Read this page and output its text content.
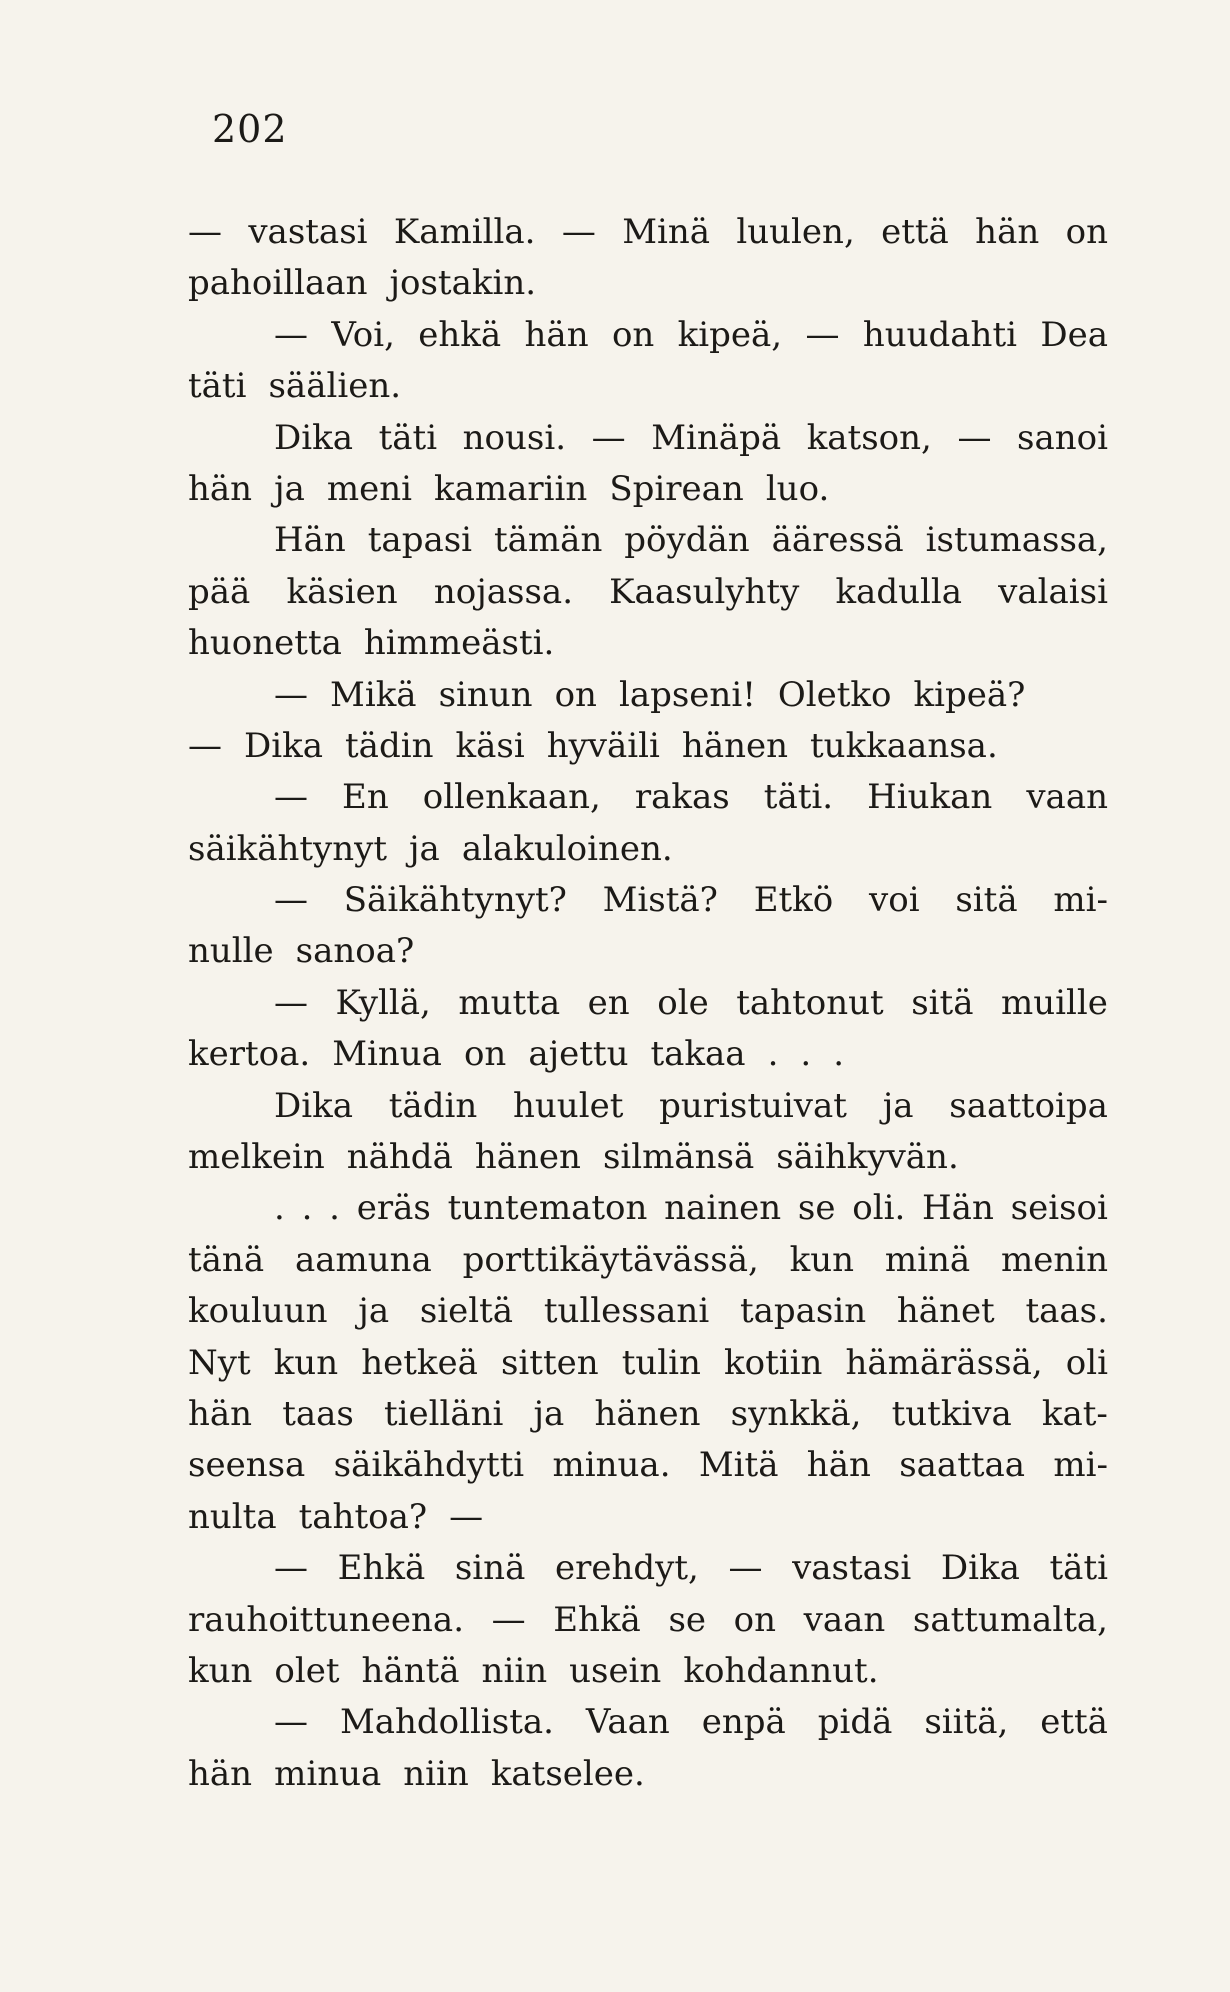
202
— vastasi Kamilla. — Minä luulen, että hän on
pahoillaan jostakin.
— Voi, ehkä hän on kipeä, — huudahti Dea
täti säälien.
Dika täti nousi. — Minäpä katson, — sanoi
hän ja meni kamariin Spirean luo.
Hän tapasi tämän pöydän ääressä istumassa,
pää käsien nojassa. Kaasulyhty kadulla valaisi
huonetta himmeästi.
— Mikä sinun on lapseni! Oletko kipeä?
— Dika tädin käsi hyväili hänen tukkaansa.
— En ollenkaan, rakas täti. Hiukan vaan
säikähtynyt ja alakuloinen.
— Säikähtynyt? Mistä? Etkö voi sitä mi-
nulle sanoa?
— Kyllä, mutta en ole tahtonut sitä muille
kertoa. Minua on ajettu takaa . . .
Dika tädin huulet puristuivat ja saattoipa
melkein nähdä hänen silmänsä säihkyvän.
. . . eräs tuntematon nainen se oli. Hän seisoi
tänä aamuna porttikäytävässä, kun minä menin
kouluun ja sieltä tullessani tapasin hänet taas.
Nyt kun hetkeä sitten tulin kotiin hämärässä, oli
hän taas tielläni ja hänen synkkä, tutkiva kat-
seensa säikähdytti minua. Mitä hän saattaa mi-
nulta tahtoa? —
— Ehkä sinä erehdyt, — vastasi Dika täti
rauhoittuneena. — Ehkä se on vaan sattumalta,
kun olet häntä niin usein kohdannut.
— Mahdollista. Vaan enpä pidä siitä, että
hän minua niin katselee.
